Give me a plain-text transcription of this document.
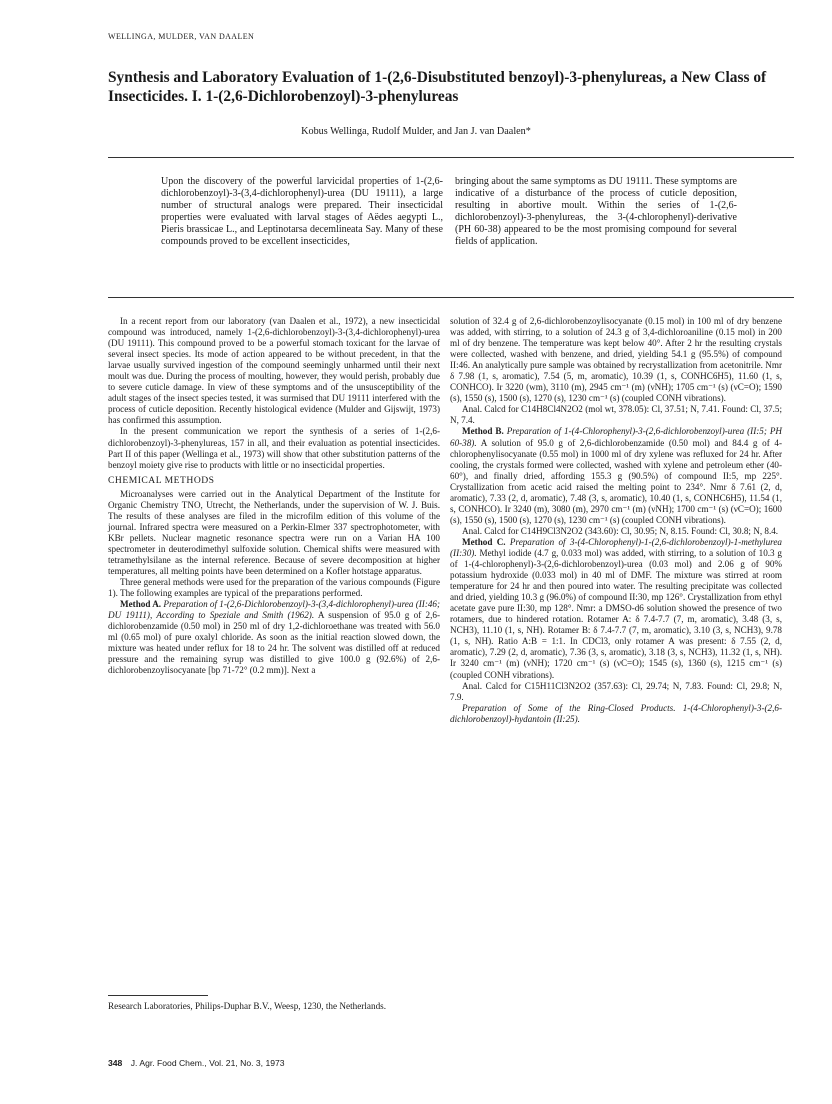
WELLINGA, MULDER, VAN DAALEN
Synthesis and Laboratory Evaluation of 1-(2,6-Disubstituted benzoyl)-3-phenylureas, a New Class of Insecticides. I. 1-(2,6-Dichlorobenzoyl)-3-phenylureas
Kobus Wellinga, Rudolf Mulder, and Jan J. van Daalen*

Upon the discovery of the powerful larvicidal properties of 1-(2,6-dichlorobenzoyl)-3-(3,4-dichlorophenyl)-urea (DU 19111), a large number of structural analogs were prepared. Their insecticidal properties were evaluated with larval stages of Aëdes aegypti L., Pieris brassicae L., and Leptinotarsa decemlineata Say. Many of these compounds proved to be excellent insecticides,

bringing about the same symptoms as DU 19111. These symptoms are indicative of a disturbance of the process of cuticle deposition, resulting in abortive moult. Within the series of 1-(2,6-dichlorobenzoyl)-3-phenylureas, the 3-(4-chlorophenyl)-derivative (PH 60-38) appeared to be the most promising compound for several fields of application.

In a recent report from our laboratory (van Daalen et al., 1972), a new insecticidal compound was introduced, namely 1-(2,6-dichlorobenzoyl)-3-(3,4-dichlorophenyl)-urea (DU 19111). This compound proved to be a powerful stomach toxicant for the larvae of several insect species. Its mode of action appeared to be without precedent, in that the larvae usually survived ingestion of the compound seemingly unharmed until their next moult was due. During the process of moulting, however, they would perish, probably due to severe cuticle damage. In view of these symptoms and of the unsusceptibility of the adult stages of the insect species tested, it was surmised that DU 19111 interfered with the process of cuticle deposition. Recently histological evidence (Mulder and Gijswijt, 1973) has confirmed this assumption.

In the present communication we report the synthesis of a series of 1-(2,6-dichlorobenzoyl)-3-phenylureas, 157 in all, and their evaluation as potential insecticides. Part II of this paper (Wellinga et al., 1973) will show that other substitution patterns of the benzoyl moiety give rise to products with little or no insecticidal properties.

CHEMICAL METHODS

Microanalyses were carried out in the Analytical Department of the Institute for Organic Chemistry TNO, Utrecht, the Netherlands, under the supervision of W. J. Buis. The results of these analyses are filed in the microfilm edition of this volume of the journal. Infrared spectra were measured on a Perkin-Elmer 337 spectrophotometer, with KBr pellets. Nuclear magnetic resonance spectra were run on a Varian HA 100 spectrometer in deuterodimethyl sulfoxide solution. Chemical shifts were measured with tetramethylsilane as the internal reference. Because of severe decomposition at higher temperatures, all melting points have been determined on a Kofler hotstage apparatus.

Three general methods were used for the preparation of the various compounds (Figure 1). The following examples are typical of the preparations performed.

Method A. Preparation of 1-(2,6-Dichlorobenzoyl)-3-(3,4-dichlorophenyl)-urea (II:46; DU 19111), According to Speziale and Smith (1962). A suspension of 95.0 g of 2,6-dichlorobenzamide (0.50 mol) in 250 ml of dry 1,2-dichloroethane was treated with 56.0 ml (0.65 mol) of pure oxalyl chloride. As soon as the initial reaction slowed down, the mixture was heated under reflux for 18 to 24 hr. The solvent was distilled off at reduced pressure and the remaining syrup was distilled to give 100.0 g (92.6%) of 2,6-dichlorobenzoylisocyanate [bp 71-72° (0.2 mm)]. Next a

solution of 32.4 g of 2,6-dichlorobenzoylisocyanate (0.15 mol) in 100 ml of dry benzene was added, with stirring, to a solution of 24.3 g of 3,4-dichloroaniline (0.15 mol) in 200 ml of dry benzene. The temperature was kept below 40°. After 2 hr the resulting crystals were collected, washed with benzene, and dried, yielding 54.1 g (95.5%) of compound II:46. An analytically pure sample was obtained by recrystallization from acetonitrile. Nmr δ 7.98 (1, s, aromatic), 7.54 (5, m, aromatic), 10.39 (1, s, CONHC6H5), 11.60 (1, s, CONHCO). Ir 3220 (wm), 3110 (m), 2945 cm⁻¹ (m) (νNH); 1705 cm⁻¹ (s) (νC=O); 1590 (s), 1550 (s), 1500 (s), 1270 (s), 1230 cm⁻¹ (s) (coupled CONH vibrations).

Anal. Calcd for C14H8Cl4N2O2 (mol wt, 378.05): Cl, 37.51; N, 7.41. Found: Cl, 37.5; N, 7.4.

Method B. Preparation of 1-(4-Chlorophenyl)-3-(2,6-dichlorobenzoyl)-urea (II:5; PH 60-38). A solution of 95.0 g of 2,6-dichlorobenzamide (0.50 mol) and 84.4 g of 4-chlorophenylisocyanate (0.55 mol) in 1000 ml of dry xylene was refluxed for 24 hr. After cooling, the crystals formed were collected, washed with xylene and petroleum ether (40-60°), and finally dried, affording 155.3 g (90.5%) of compound II:5, mp 225°. Crystallization from acetic acid raised the melting point to 234°. Nmr δ 7.61 (2, d, aromatic), 7.33 (2, d, aromatic), 7.48 (3, s, aromatic), 10.40 (1, s, CONHC6H5), 11.54 (1, s, CONHCO). Ir 3240 (m), 3080 (m), 2970 cm⁻¹ (m) (νNH); 1700 cm⁻¹ (s) (νC=O); 1600 (s), 1550 (s), 1500 (s), 1270 (s), 1230 cm⁻¹ (s) (coupled CONH vibrations).

Anal. Calcd for C14H9Cl3N2O2 (343.60): Cl, 30.95; N, 8.15. Found: Cl, 30.8; N, 8.4.

Method C. Preparation of 3-(4-Chlorophenyl)-1-(2,6-dichlorobenzoyl)-1-methylurea (II:30). Methyl iodide (4.7 g, 0.033 mol) was added, with stirring, to a solution of 10.3 g of 1-(4-chlorophenyl)-3-(2,6-dichlorobenzoyl)-urea (0.03 mol) and 2.06 g of 90% potassium hydroxide (0.033 mol) in 40 ml of DMF. The mixture was stirred at room temperature for 24 hr and then poured into water. The resulting precipitate was collected and dried, yielding 10.3 g (96.0%) of compound II:30, mp 126°. Crystallization from ethyl acetate gave pure II:30, mp 128°. Nmr: a DMSO-d6 solution showed the presence of two rotamers, due to hindered rotation. Rotamer A: δ 7.4-7.7 (7, m, aromatic), 3.48 (3, s, NCH3), 11.10 (1, s, NH). Rotamer B: δ 7.4-7.7 (7, m, aromatic), 3.10 (3, s, NCH3), 9.78 (1, s, NH). Ratio A:B = 1:1. In CDCl3, only rotamer A was present: δ 7.55 (2, d, aromatic), 7.29 (2, d, aromatic), 7.36 (3, s, aromatic), 3.18 (3, s, NCH3), 11.32 (1, s, NH). Ir 3240 cm⁻¹ (m) (νNH); 1720 cm⁻¹ (s) (νC=O); 1545 (s), 1360 (s), 1215 cm⁻¹ (s) (coupled CONH vibrations).

Anal. Calcd for C15H11Cl3N2O2 (357.63): Cl, 29.74; N, 7.83. Found: Cl, 29.8; N, 7.9.

Preparation of Some of the Ring-Closed Products. 1-(4-Chlorophenyl)-3-(2,6-dichlorobenzoyl)-hydantoin (II:25).

Research Laboratories, Philips-Duphar B.V., Weesp, 1230, the Netherlands.

348 J. Agr. Food Chem., Vol. 21, No. 3, 1973
